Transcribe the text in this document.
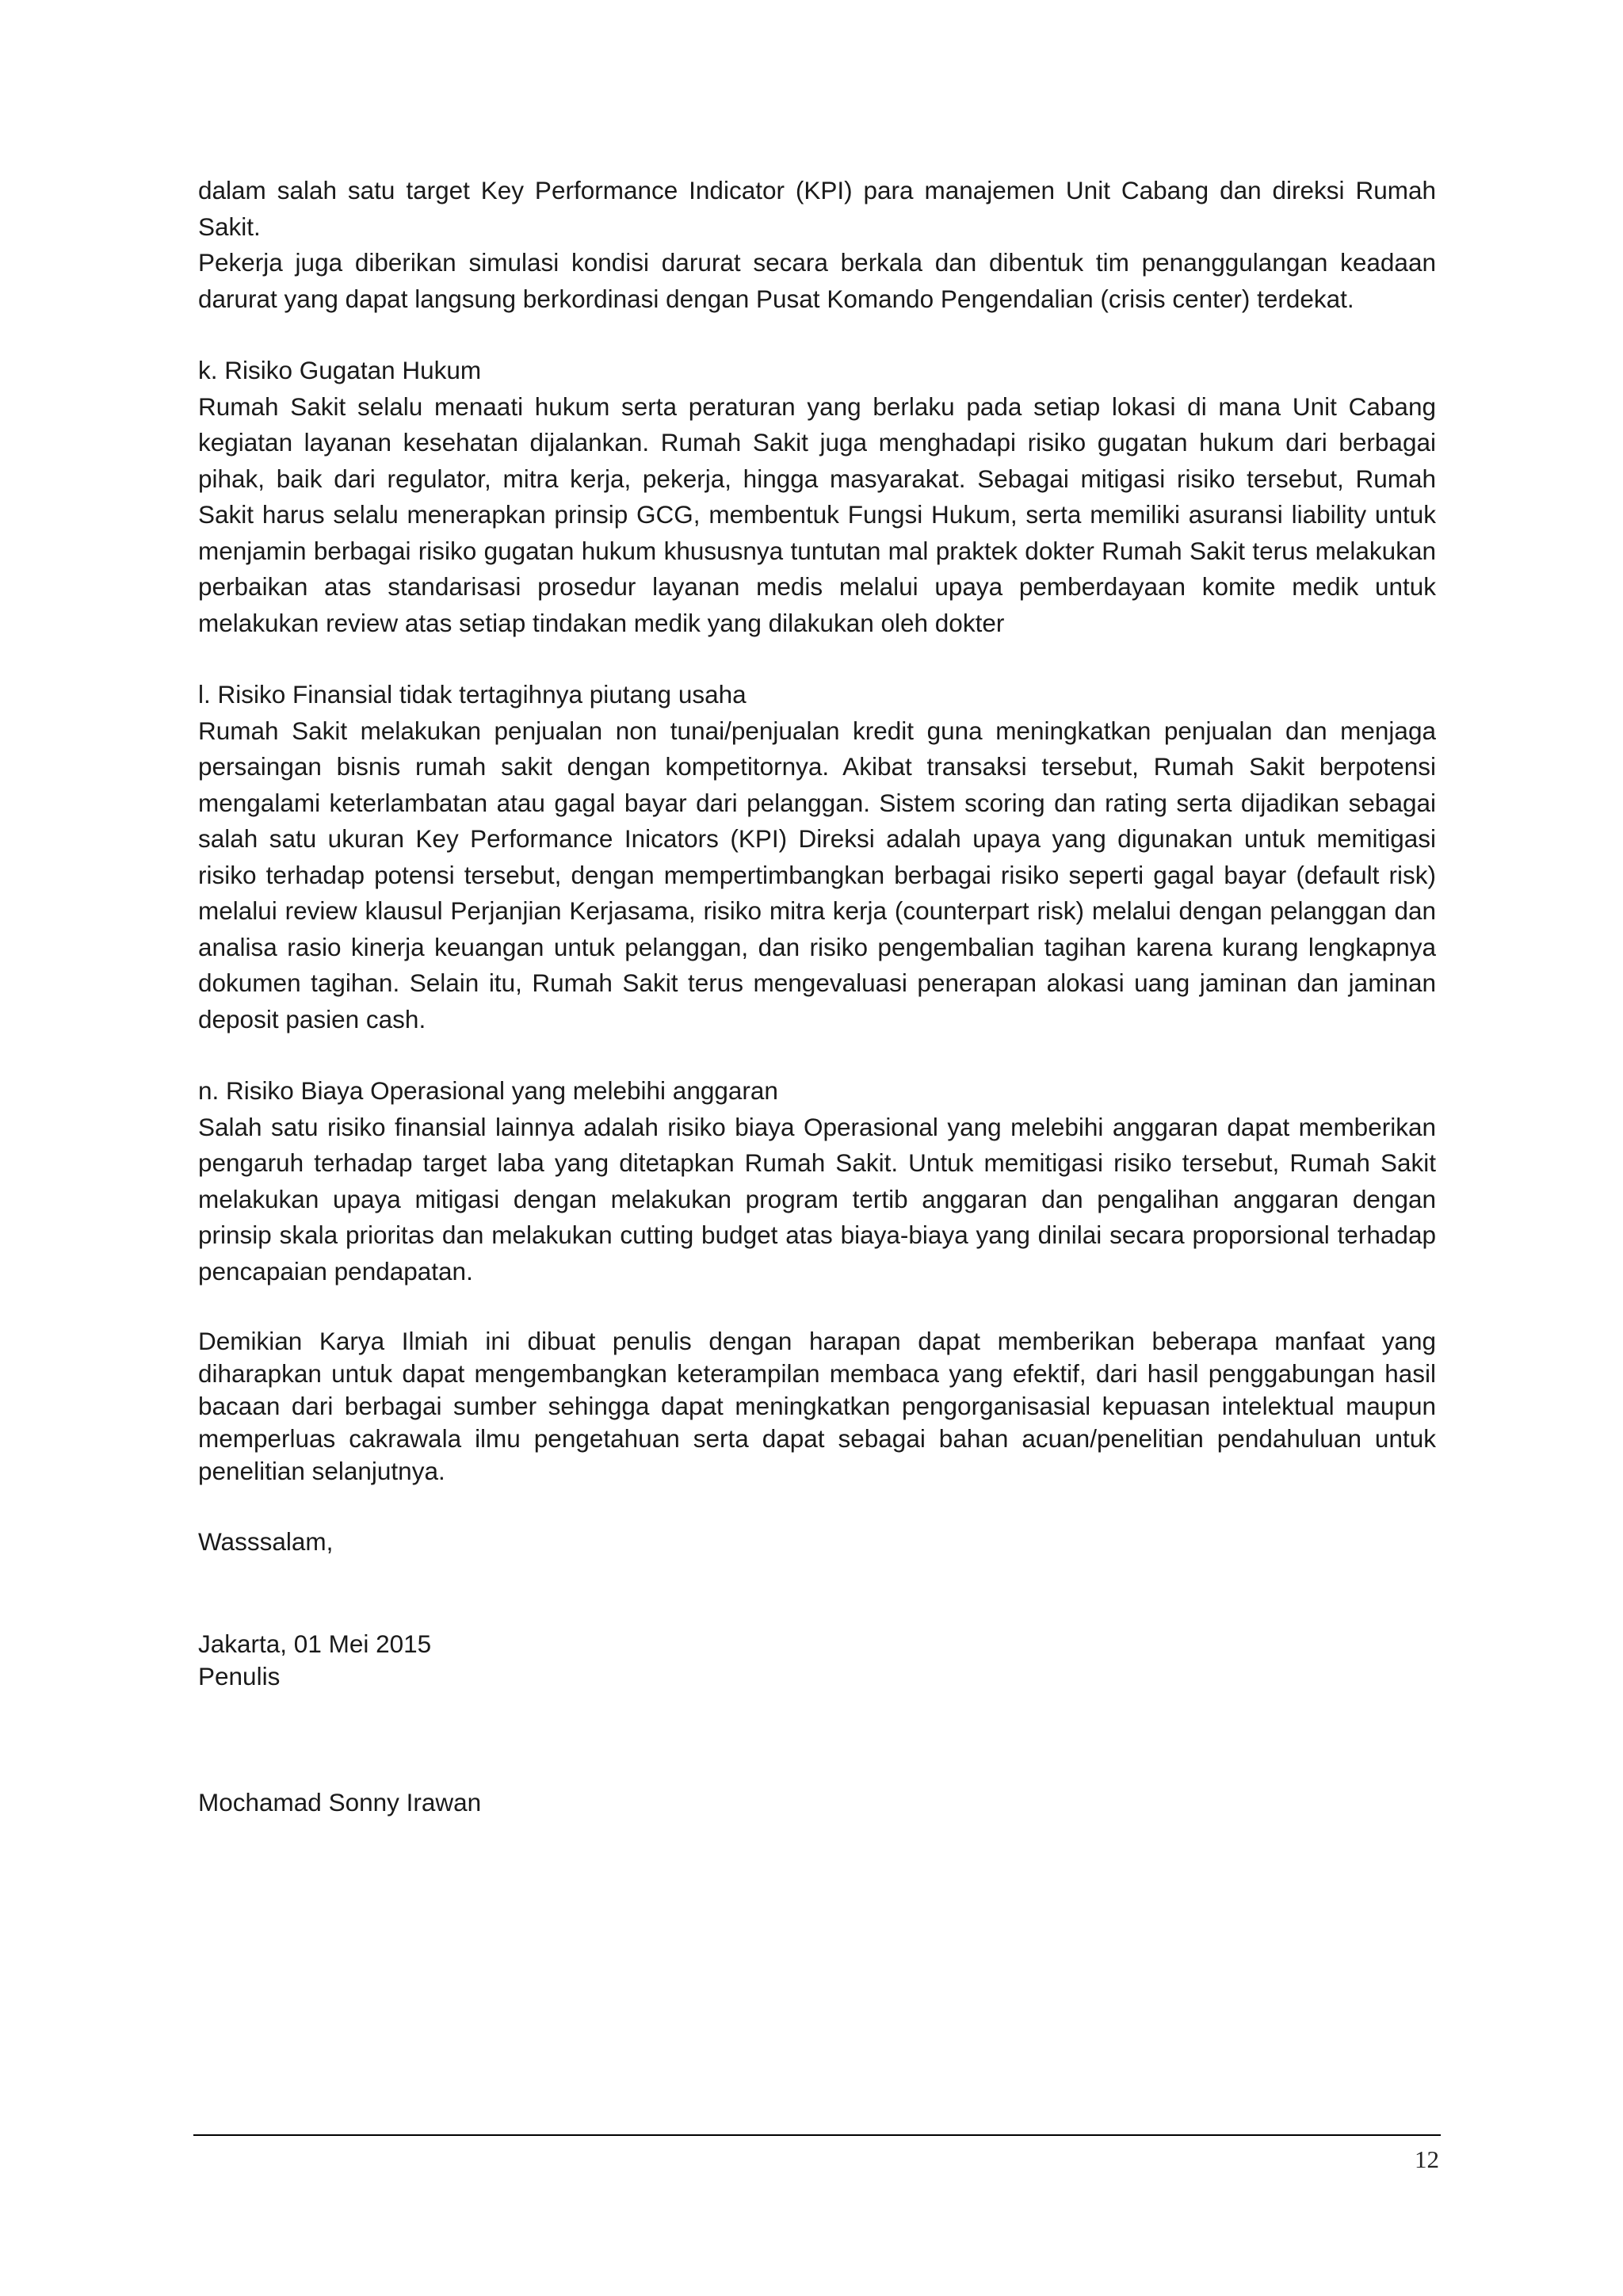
dalam salah satu target Key Performance Indicator (KPI) para manajemen Unit Cabang dan direksi Rumah Sakit.

Pekerja juga diberikan simulasi kondisi darurat secara berkala dan dibentuk tim penanggulangan keadaan darurat yang dapat langsung berkordinasi dengan Pusat Komando Pengendalian (crisis center) terdekat.

k. Risiko Gugatan Hukum

Rumah Sakit selalu menaati hukum serta peraturan yang berlaku pada setiap lokasi di mana Unit Cabang kegiatan layanan kesehatan dijalankan. Rumah Sakit juga menghadapi risiko gugatan hukum dari berbagai pihak, baik dari regulator, mitra kerja, pekerja, hingga masyarakat. Sebagai mitigasi risiko tersebut, Rumah Sakit harus selalu menerapkan prinsip GCG, membentuk Fungsi Hukum, serta memiliki asuransi liability untuk menjamin berbagai risiko gugatan hukum khususnya tuntutan mal praktek dokter Rumah Sakit terus melakukan perbaikan atas standarisasi prosedur layanan medis melalui upaya pemberdayaan komite medik untuk melakukan review atas setiap tindakan medik yang dilakukan oleh dokter

l. Risiko Finansial tidak tertagihnya piutang usaha

Rumah Sakit melakukan penjualan non tunai/penjualan kredit guna meningkatkan penjualan dan menjaga persaingan bisnis rumah sakit dengan kompetitornya. Akibat transaksi tersebut, Rumah Sakit berpotensi mengalami keterlambatan atau gagal bayar dari pelanggan. Sistem scoring dan rating serta dijadikan sebagai salah satu ukuran Key Performance Inicators (KPI) Direksi adalah upaya yang digunakan untuk memitigasi risiko terhadap potensi tersebut, dengan mempertimbangkan berbagai risiko seperti gagal bayar (default risk) melalui review klausul Perjanjian Kerjasama, risiko mitra kerja (counterpart risk) melalui dengan pelanggan dan analisa rasio kinerja keuangan untuk pelanggan, dan risiko pengembalian tagihan karena kurang lengkapnya dokumen tagihan. Selain itu, Rumah Sakit terus mengevaluasi penerapan alokasi uang jaminan dan jaminan deposit pasien cash.

n. Risiko Biaya Operasional yang melebihi anggaran

Salah satu risiko finansial lainnya adalah risiko biaya Operasional yang melebihi anggaran dapat memberikan pengaruh terhadap target laba yang ditetapkan Rumah Sakit. Untuk memitigasi risiko tersebut, Rumah Sakit melakukan upaya mitigasi dengan melakukan program tertib anggaran dan pengalihan anggaran dengan prinsip skala prioritas dan melakukan cutting budget atas biaya-biaya yang dinilai secara proporsional terhadap pencapaian pendapatan.

Demikian Karya Ilmiah ini dibuat penulis dengan harapan dapat memberikan beberapa manfaat yang diharapkan untuk dapat mengembangkan keterampilan membaca yang efektif, dari hasil penggabungan hasil bacaan dari berbagai sumber sehingga dapat meningkatkan pengorganisasial kepuasan intelektual maupun memperluas cakrawala ilmu pengetahuan serta dapat sebagai bahan acuan/penelitian pendahuluan untuk penelitian selanjutnya.

Wasssalam,

Jakarta, 01 Mei 2015

Penulis

Mochamad Sonny Irawan

12
